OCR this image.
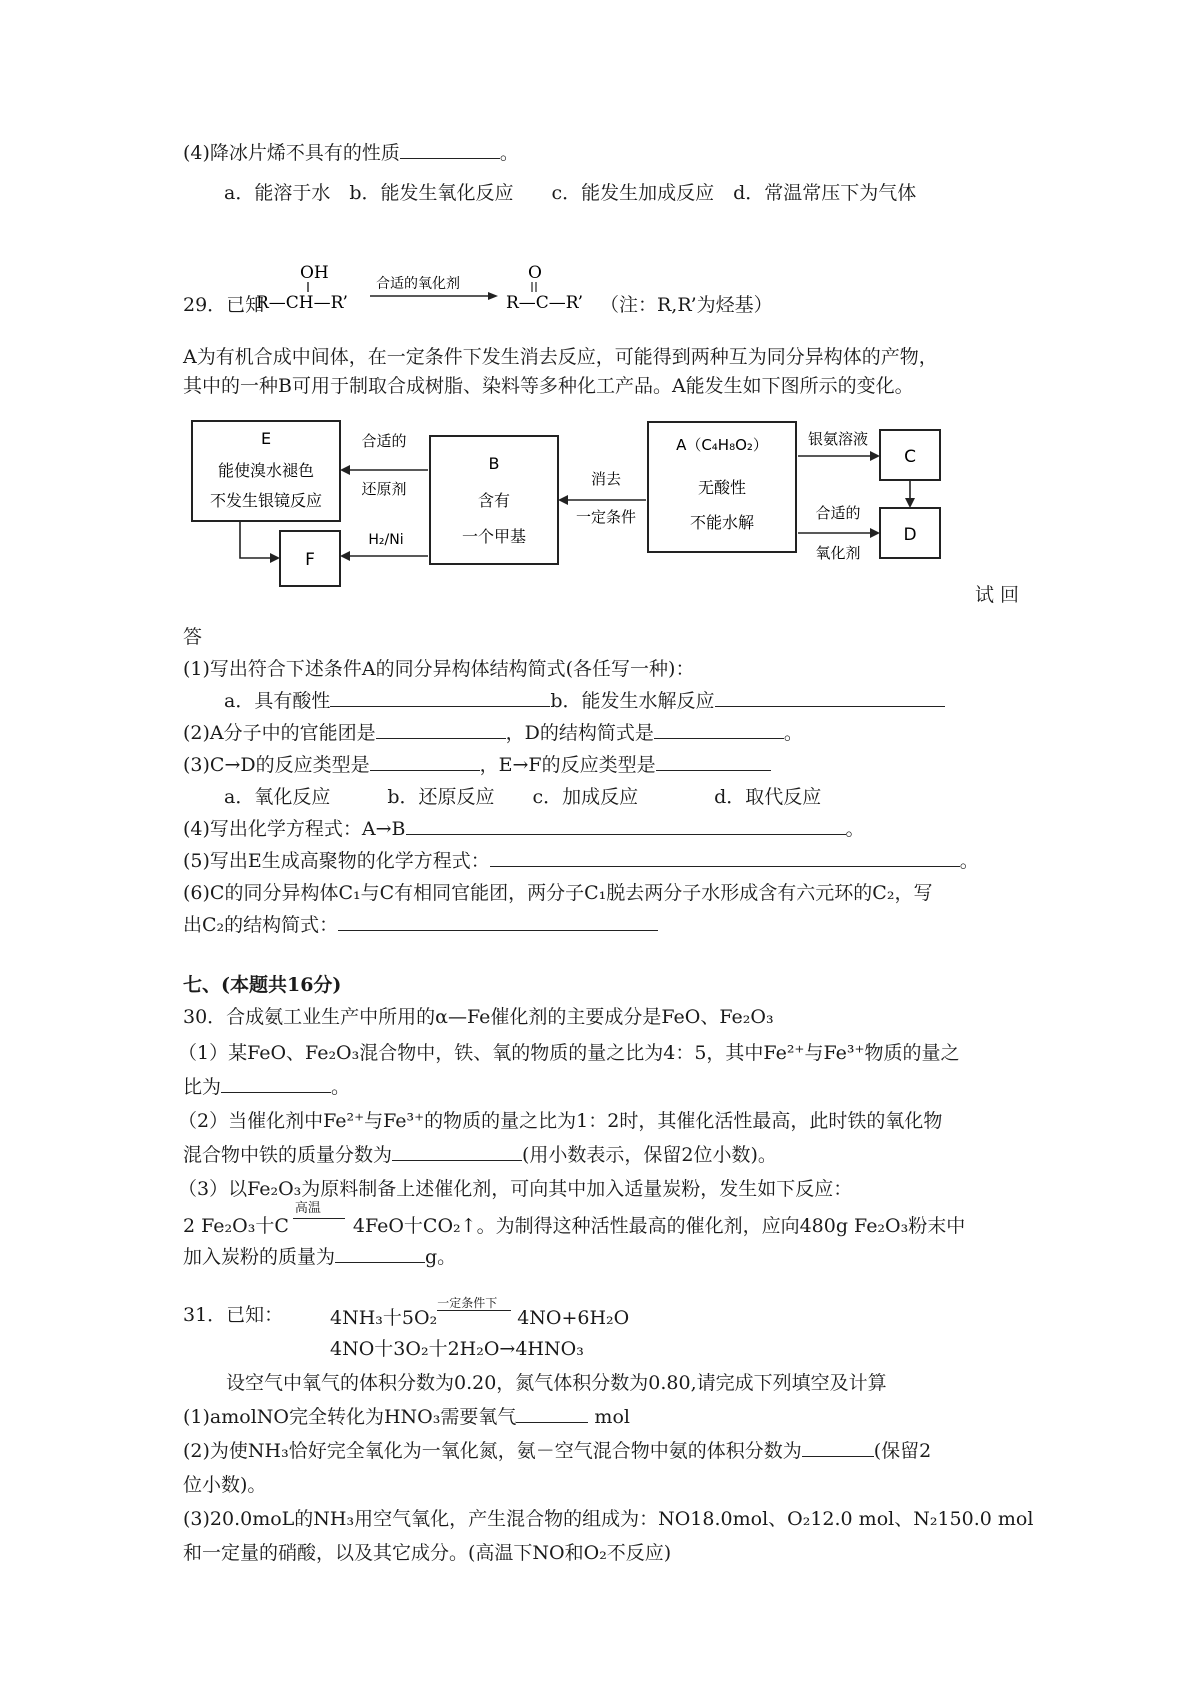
(4)降冰片烯不具有的性质	。
a．能溶于水　b．能发生氧化反应　　c．能发生加成反应　d．常温常压下为气体
29．已知
OH
R—CH—R’
合适的氧化剂
O
R—C—R’ （注：R,R’为烃基）
A为有机合成中间体，在一定条件下发生消去反应，可能得到两种互为同分异构体的产物，
其中的一种B可用于制取合成树脂、染料等多种化工产品。A能发生如下图所示的变化。
E
能使溴水褪色
不发生银镜反应
B
含有
一个甲基
A（C₄H₈O₂）
无酸性
不能水解
C
D
F
合适的
还原剂
H₂/Ni
消去
一定条件
银氨溶液
合适的
氧化剂
试 回
答
(1)写出符合下述条件A的同分异构体结构简式(各任写一种)：
a．具有酸性	b．能发生水解反应
(2)A分子中的官能团是	，D的结构简式是	。
(3)C→D的反应类型是	，E→F的反应类型是
a．氧化反应　　　b．还原反应　　c．加成反应　　　　d．取代反应
(4)写出化学方程式：A→B	。
(5)写出E生成高聚物的化学方程式：	。
(6)C的同分异构体C₁与C有相同官能团，两分子C₁脱去两分子水形成含有六元环的C₂，写
出C₂的结构简式：
七、(本题共16分)
30．合成氨工业生产中所用的α—Fe催化剂的主要成分是FeO、Fe₂O₃
（1）某FeO、Fe₂O₃混合物中，铁、氧的物质的量之比为4：5，其中Fe²⁺与Fe³⁺物质的量之
比为	。
（2）当催化剂中Fe²⁺与Fe³⁺的物质的量之比为1：2时，其催化活性最高，此时铁的氧化物
混合物中铁的质量分数为	(用小数表示，保留2位小数)。
（3）以Fe₂O₃为原料制备上述催化剂，可向其中加入适量炭粉，发生如下反应：
2 Fe₂O₃十C
高温
4FeO十CO₂↑。为制得这种活性最高的催化剂，应向480g Fe₂O₃粉末中
加入炭粉的质量为	g。
31．已知： 4NH₃十5O₂
一定条件下
4NO+6H₂O
4NO十3O₂十2H₂O→4HNO₃
设空气中氧气的体积分数为0.20，氮气体积分数为0.80,请完成下列填空及计算
(1)amolNO完全转化为HNO₃需要氧气	mol
(2)为使NH₃恰好完全氧化为一氧化氮，氨－空气混合物中氨的体积分数为	(保留2
位小数)。
(3)20.0moL的NH₃用空气氧化，产生混合物的组成为：NO18.0mol、O₂12.0 mol、N₂150.0 mol
和一定量的硝酸，以及其它成分。(高温下NO和O₂不反应)
